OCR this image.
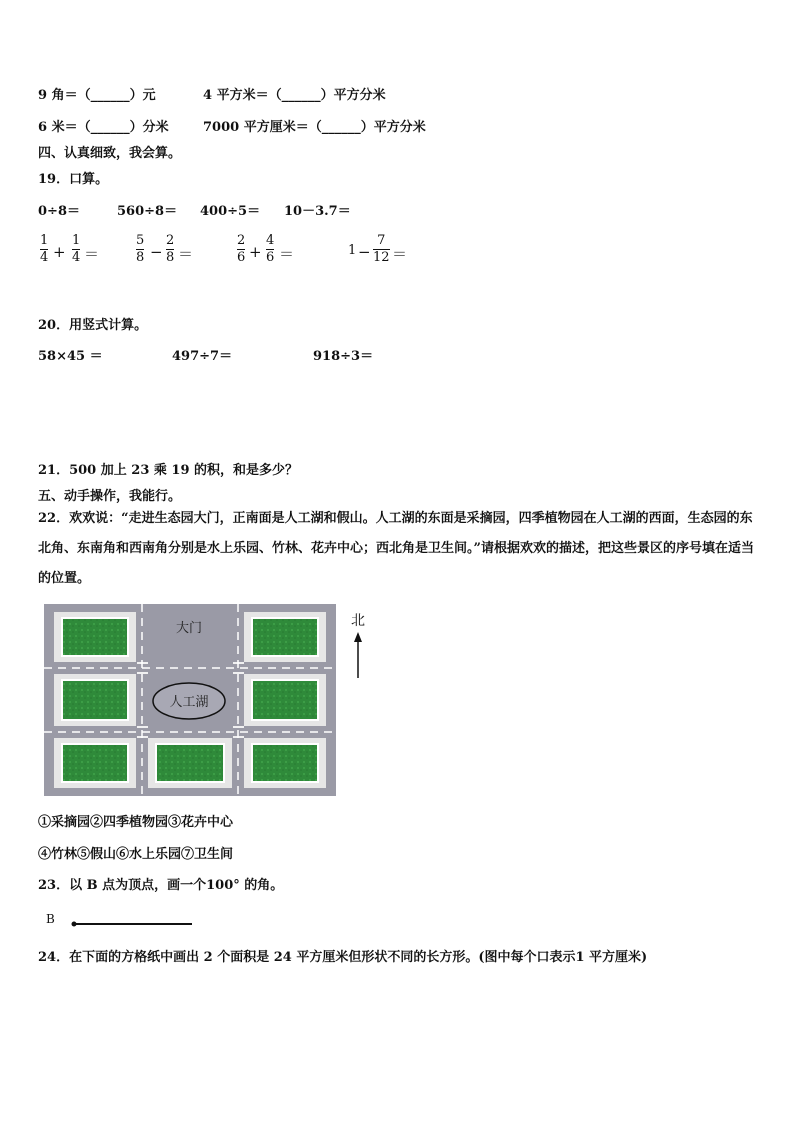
9 角＝（______）元	4 平方米＝（______）平方分米
6 米＝（______）分米	7000 平方厘米＝（______）平方分米
四、认真细致，我会算。
19．口算。
0÷8＝	560÷8＝ 400÷5＝ 10－3.7＝
1
4 +
1
4 ＝
5
8 −
2
8 ＝
2
6 +
4
6 ＝	1 −
7
12 ＝
20．用竖式计算。
58×45 ＝	497÷7＝	918÷3＝
21．500 加上 23 乘 19 的积，和是多少？
五、动手操作，我能行。
22．欢欢说：“走进生态园大门，正南面是人工湖和假山。人工湖的东面是采摘园，四季植物园在人工湖的西面，生态园的东北角、东南角和西南角分别是水上乐园、竹林、花卉中心；西北角是卫生间。”请根据欢欢的描述，把这些景区的序号填在适当的位置。
大门
人工湖
北
①采摘园②四季植物园③花卉中心
④竹林⑤假山⑥水上乐园⑦卫生间
23．以 B 点为顶点，画一个100° 的角。
B
24．在下面的方格纸中画出 2 个面积是 24 平方厘米但形状不同的长方形。(图中每个口表示1 平方厘米)
